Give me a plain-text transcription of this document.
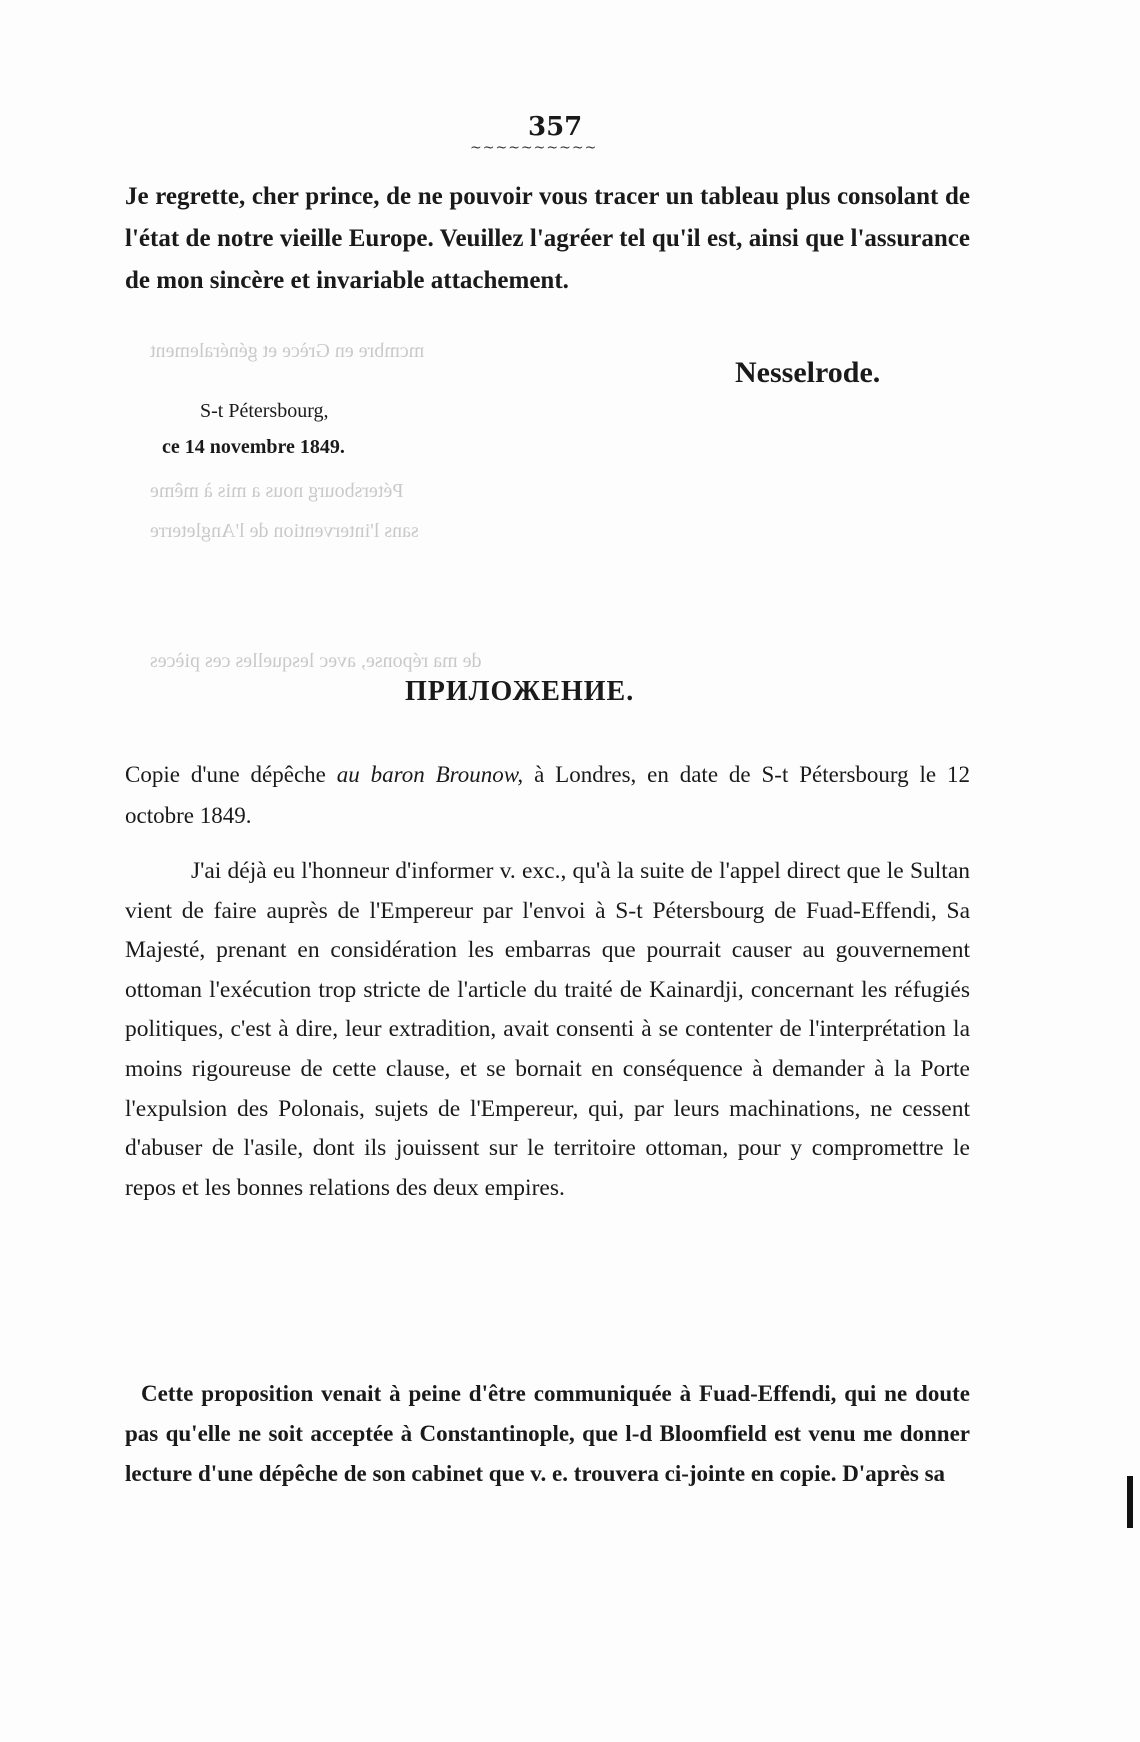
mcmbre en Grèce et généralement
Pétersbourg nous a mis à même
sans l'intervention de l'Angleterre
de ma réponse, avec lesquelles ces pièces
357
~~~~~~~~~~
Je regrette, cher prince, de ne pouvoir vous tracer un tableau plus consolant de l'état de notre vieille Europe. Veuillez l'agréer tel qu'il est, ainsi que l'assurance de mon sincère et invariable attachement.
Nesselrode.
S-t Pétersbourg,
ce 14 novembre 1849.
ПРИЛОЖЕНИЕ.
Copie d'une dépêche au baron Brounow, à Londres, en date de S-t Pétersbourg le 12 octobre 1849.
J'ai déjà eu l'honneur d'informer v. exc., qu'à la suite de l'appel direct que le Sultan vient de faire auprès de l'Empereur par l'envoi à S-t Pétersbourg de Fuad-Effendi, Sa Majesté, prenant en considération les embarras que pourrait causer au gouvernement ottoman l'exécution trop stricte de l'article du traité de Kainardji, concernant les réfugiés politiques, c'est à dire, leur extradition, avait consenti à se contenter de l'interprétation la moins rigoureuse de cette clause, et se bornait en conséquence à demander à la Porte l'expulsion des Polonais, sujets de l'Empereur, qui, par leurs machinations, ne cessent d'abuser de l'asile, dont ils jouissent sur le territoire ottoman, pour y compromettre le repos et les bonnes relations des deux empires.
Cette proposition venait à peine d'être communiquée à Fuad-Effendi, qui ne doute pas qu'elle ne soit acceptée à Constantinople, que l-d Bloomfield est venu me donner lecture d'une dépêche de son cabinet que v. e. trouvera ci-jointe en copie. D'après sa
